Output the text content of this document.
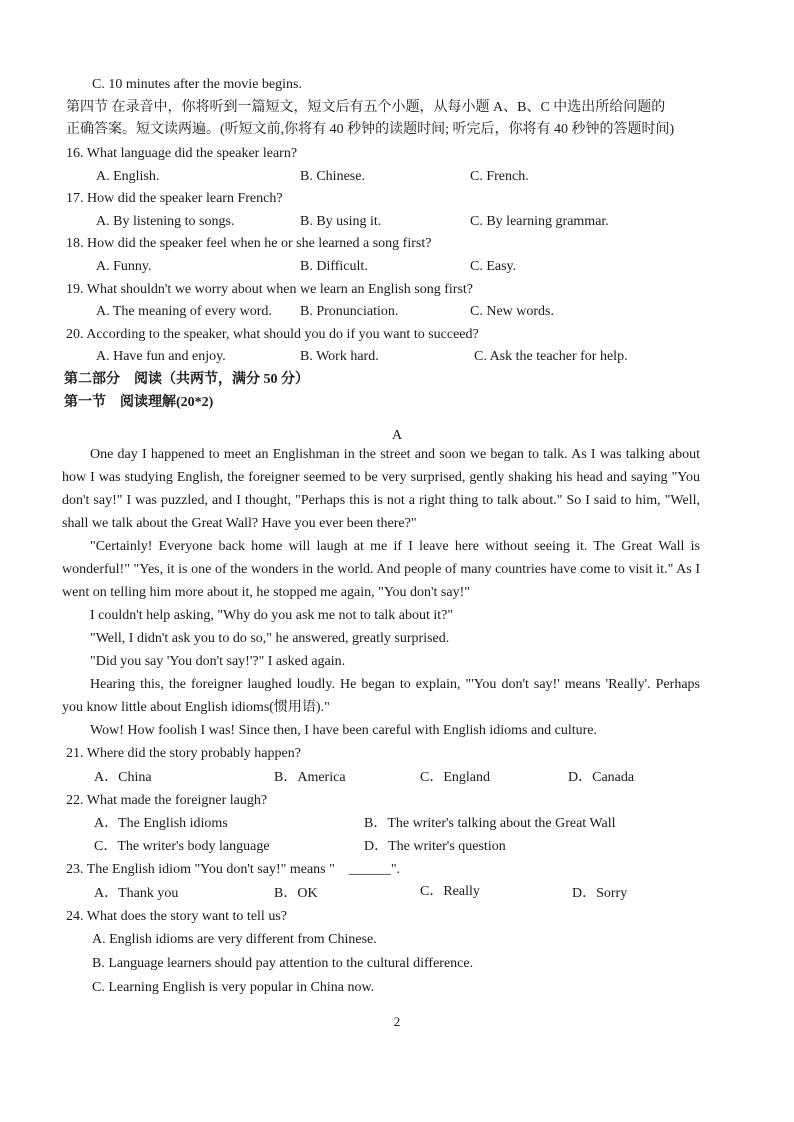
C. 10 minutes after the movie begins.
第四节 在录音中，你将听到一篇短文，短文后有五个小题，从每小题 A、B、C 中选出所给问题的
正确答案。短文读两遍。(听短文前,你将有 40 秒钟的读题时间; 听完后，你将有 40 秒钟的答题时间)
16. What language did the speaker learn?
A. English.	B. Chinese.	C. French.
17. How did the speaker learn French?
A. By listening to songs.	B. By using it.	C. By learning grammar.
18. How did the speaker feel when he or she learned a song first?
A. Funny.	B. Difficult.	C. Easy.
19. What shouldn't we worry about when we learn an English song first?
A. The meaning of every word. B. Pronunciation.	C. New words.
20. According to the speaker, what should you do if you want to succeed?
A. Have fun and enjoy.	B. Work hard.	C. Ask the teacher for help.
第二部分　阅读（共两节，满分 50 分）
第一节　阅读理解(20*2)
A

One day I happened to meet an Englishman in the street and soon we began to talk. As I was talking about how I was studying English, the foreigner seemed to be very surprised, gently shaking his head and saying "You don't say!" I was puzzled, and I thought, "Perhaps this is not a right thing to talk about." So I said to him, "Well, shall we talk about the Great Wall? Have you ever been there?"

"Certainly! Everyone back home will laugh at me if I leave here without seeing it. The Great Wall is wonderful!" "Yes, it is one of the wonders in the world. And people of many countries have come to visit it." As I went on telling him more about it, he stopped me again, "You don't say!"

I couldn't help asking, "Why do you ask me not to talk about it?"

"Well, I didn't ask you to do so," he answered, greatly surprised.

"Did you say 'You don't say!'?" I asked again.

Hearing this, the foreigner laughed loudly. He began to explain, "'You don't say!' means 'Really'. Perhaps you know little about English idioms(惯用语)."

Wow! How foolish I was! Since then, I have been careful with English idioms and culture.

21. Where did the story probably happen?
A．China	B．America	C．England	D．Canada
22. What made the foreigner laugh?
A．The English idioms	B．The writer's talking about the Great Wall
C．The writer's body language	D．The writer's question
23. The English idiom "You don't say!" means "　______".
A．Thank you	B．OK	C．Really	D．Sorry
24. What does the story want to tell us?
A. English idioms are very different from Chinese.
B. Language learners should pay attention to the cultural difference.
C. Learning English is very popular in China now.
2
